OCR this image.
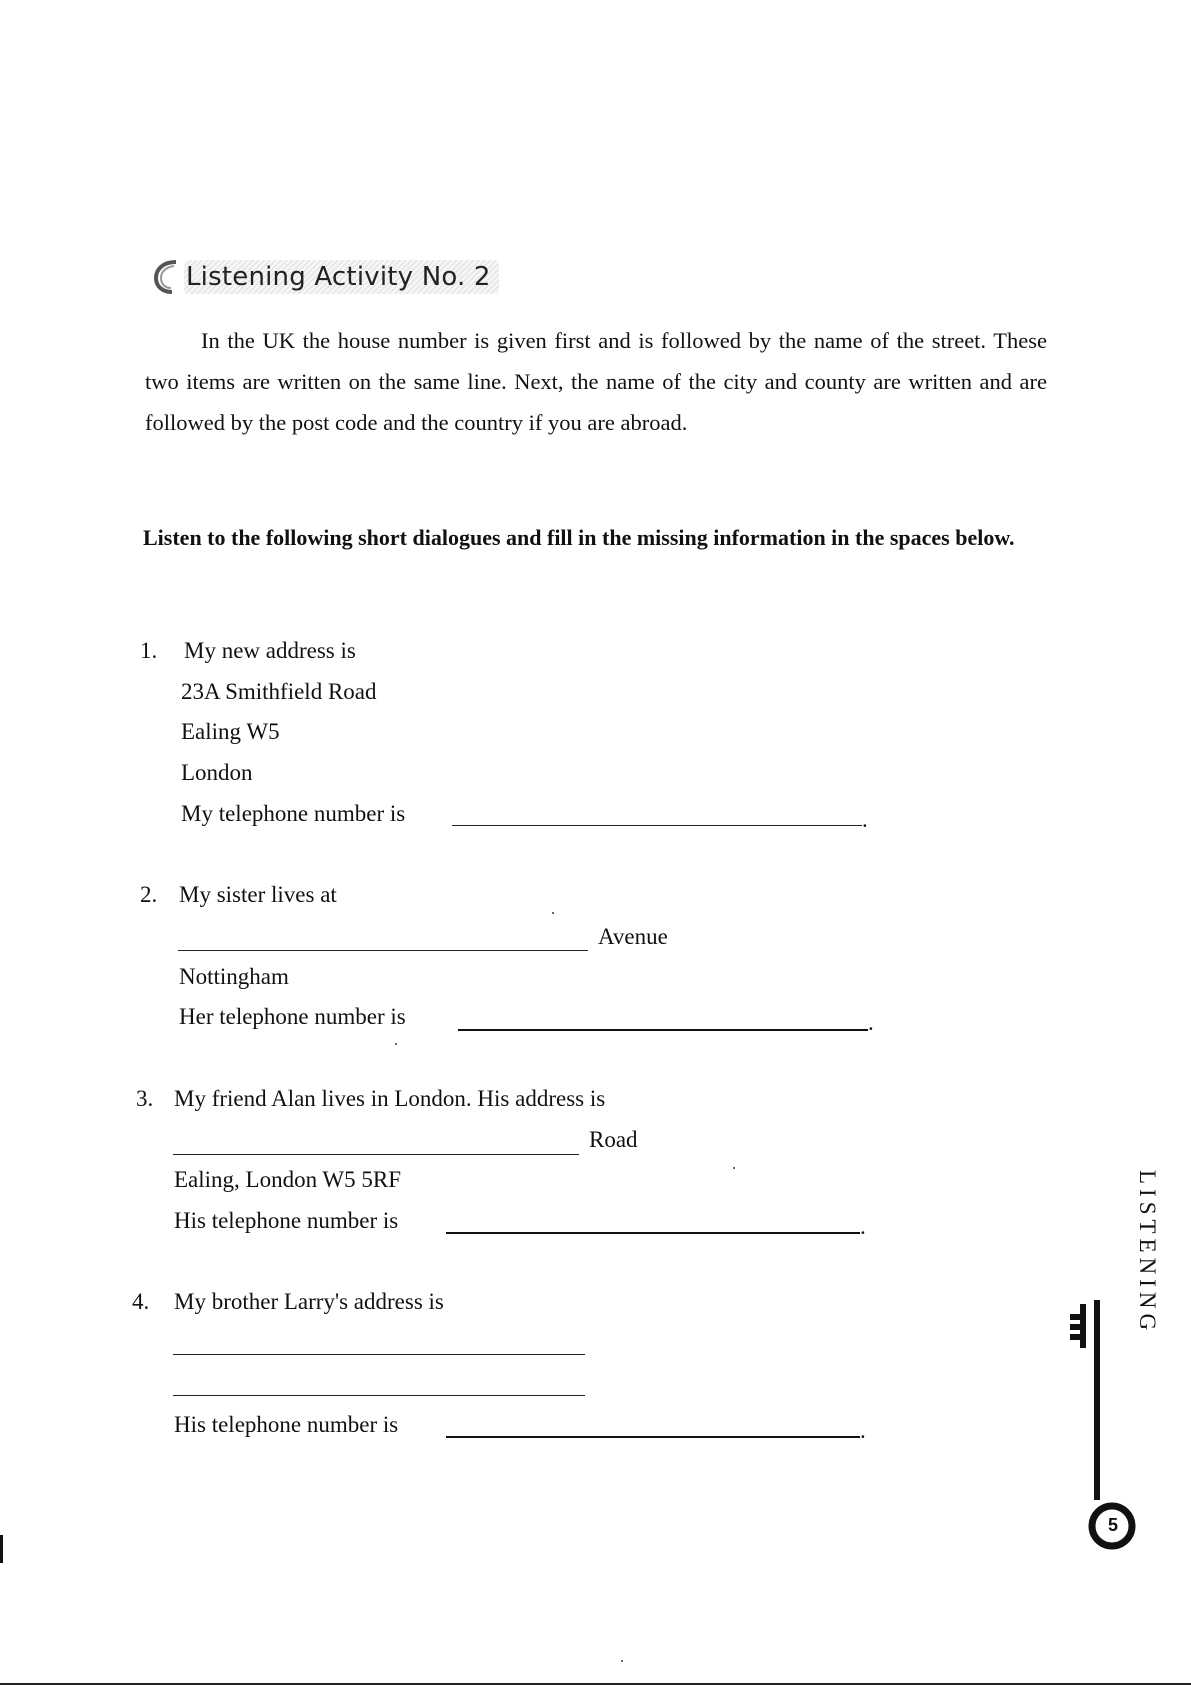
Listening Activity No. 2

In the UK the house number is given first and is followed by the name of the street. These two items are written on the same line. Next, the name of the city and county are written and are followed by the post code and the country if you are abroad.

Listen to the following short dialogues and fill in the missing information in the spaces below.

1. My new address is
23A Smithfield Road
Ealing W5
London
My telephone number is	.
2. My sister lives at
Avenue
Nottingham
Her telephone number is	.
3. My friend Alan lives in London. His address is
Road
Ealing, London W5 5RF
His telephone number is	.
4. My brother Larry's address is
His telephone number is	.
LISTENING
5
